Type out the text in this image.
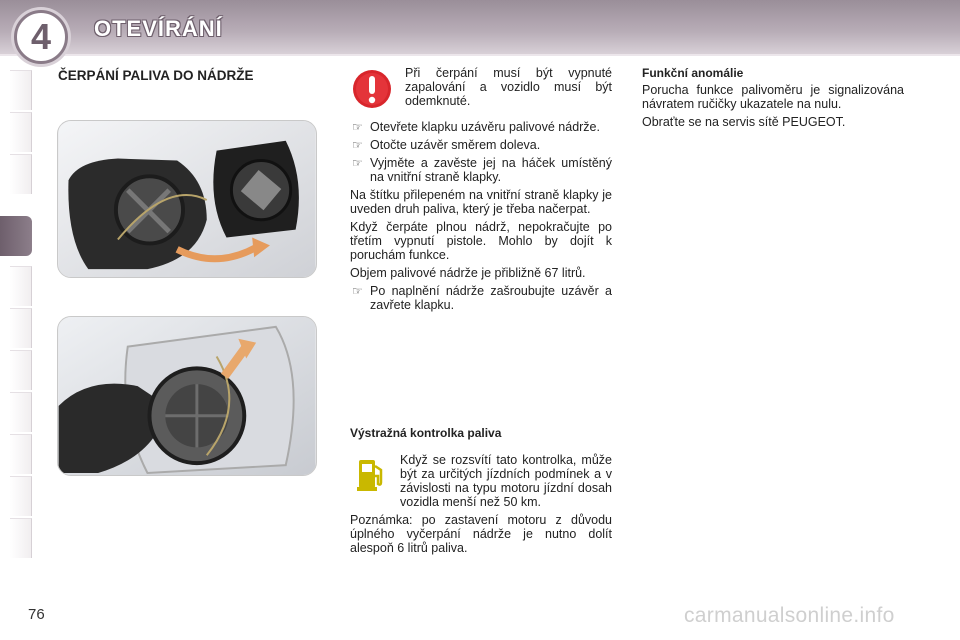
4 OTEVÍRÁNÍ
ČERPÁNÍ PALIVA DO NÁDRŽE	Při čerpání musí být vypnuté zapalování a vozidlo musí být odemknuté.
☞ Otevřete klapku uzávěru palivové nádrže.
☞ Otočte uzávěr směrem doleva.
☞ Vyjměte a zavěste jej na háček umístěný na vnitřní straně klapky.
Na štítku přilepeném na vnitřní straně klapky je uveden druh paliva, který je třeba načerpat.
Když čerpáte plnou nádrž, nepokračujte po třetím vypnutí pistole. Mohlo by dojít k poruchám funkce.
Objem palivové nádrže je přibližně 67 litrů.
☞ Po naplnění nádrže zašroubujte uzávěr a zavřete klapku.
Výstražná kontrolka paliva
Když se rozsvítí tato kontrolka, může být za určitých jízdních podmínek a v závislosti na typu motoru jízdní dosah vozidla menší než 50 km.
Poznámka: po zastavení motoru z důvodu úplného vyčerpání nádrže je nutno dolít alespoň 6 litrů paliva.
Funkční anomálie
Porucha funkce palivoměru je signalizována návratem ručičky ukazatele na nulu.
Obraťte se na servis sítě PEUGEOT.
76	carmanualsonline.info
